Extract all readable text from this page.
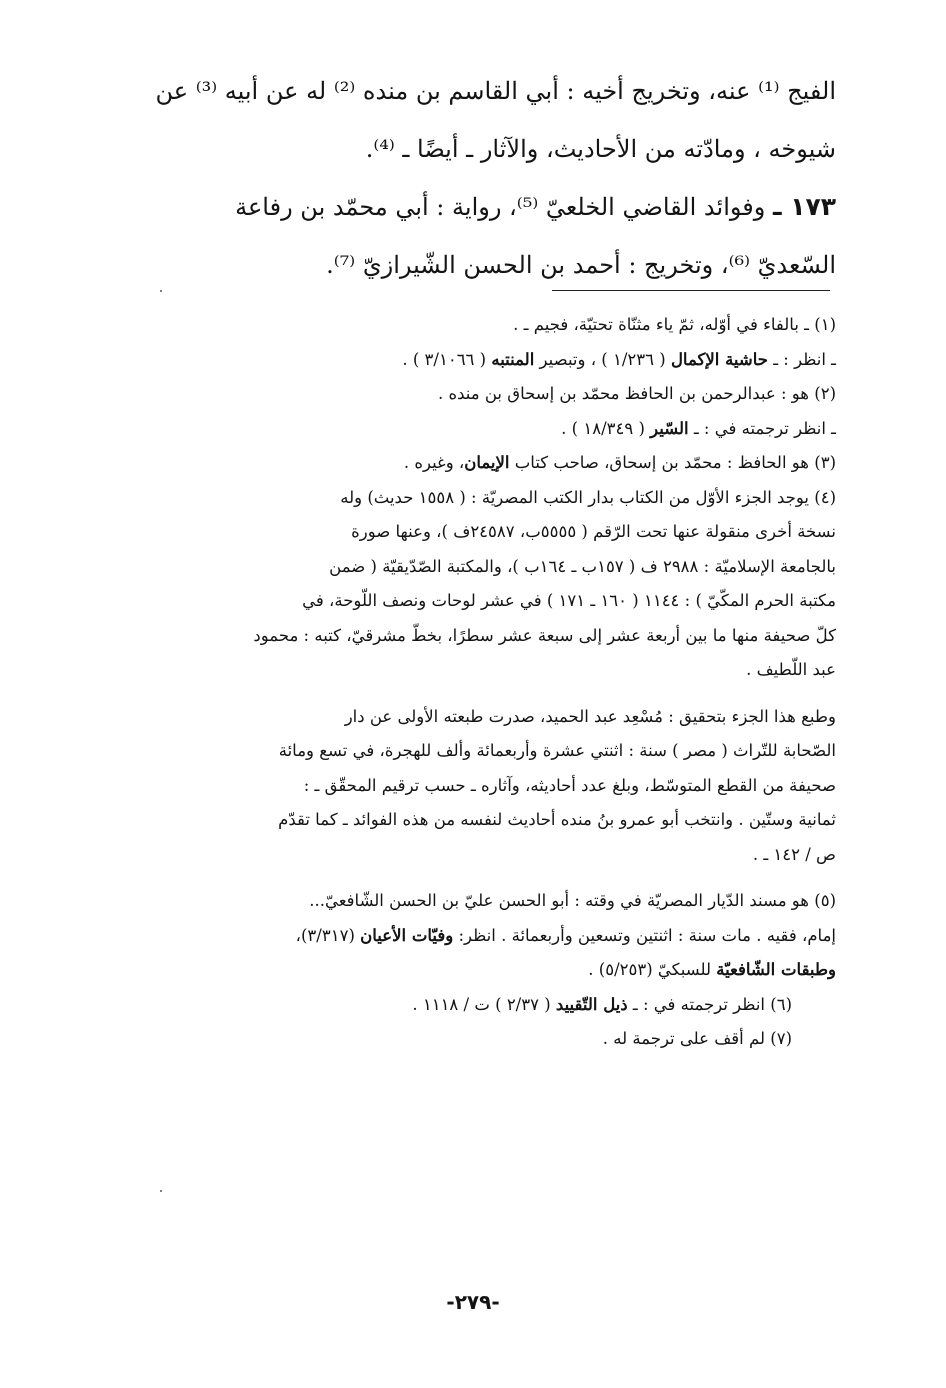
الفيج ⁽¹⁾ عنه، وتخريج أخيه : أبي القاسم بن منده ⁽²⁾ له عن أبيه ⁽³⁾ عن

شيوخه ، ومادّته من الأحاديث، والآثار ـ أيضًا ـ ⁽⁴⁾.

١٧٣ ـ وفوائد القاضي الخلعيّ ⁽⁵⁾، رواية : أبي محمّد بن رفاعة

السّعديّ ⁽⁶⁾، وتخريج : أحمد بن الحسن الشّيرازيّ ⁽⁷⁾.

(١) ـ بالفاء في أوّله، ثمّ ياء مثنّاة تحتيّة، فجيم ـ .

ـ انظر : ـ حاشية الإكمال ( ١/٢٣٦ ) ، وتبصير المنتبه ( ٣/١٠٦٦ ) .

(٢) هو : عبدالرحمن بن الحافظ محمّد بن إسحاق بن منده .

ـ انظر ترجمته في : ـ السّير ( ١٨/٣٤٩ ) .

(٣) هو الحافظ : محمّد بن إسحاق، صاحب كتاب الإيمان، وغيره .

(٤) يوجد الجزء الأوّل من الكتاب بدار الكتب المصريّة : ( ١٥٥٨ حديث) وله

نسخة أخرى منقولة عنها تحت الرّقم ( ٥٥٥٥ب، ٢٤٥٨٧ف )، وعنها صورة

بالجامعة الإسلاميّة : ٢٩٨٨ ف ( ١٥٧ب ـ ١٦٤ب )، والمكتبة الصّدّيقيّة ( ضمن

مكتبة الحرم المكّيّ ) : ١١٤٤ ( ١٦٠ ـ ١٧١ ) في عشر لوحات ونصف اللّوحة، في

كلّ صحيفة منها ما بين أربعة عشر إلى سبعة عشر سطرًا، بخطّ مشرقيّ، كتبه : محمود

عبد اللّطيف .

وطبع هذا الجزء بتحقيق : مُسْعِد عبد الحميد، صدرت طبعته الأولى عن دار

الصّحابة للتّراث ( مصر ) سنة : اثنتي عشرة وأربعمائة وألف للهجرة، في تسع ومائة

صحيفة من القطع المتوسّط، وبلغ عدد أحاديثه، وآثاره ـ حسب ترقيم المحقّق ـ :

ثمانية وستّين . وانتخب أبو عمرو بنُ منده أحاديث لنفسه من هذه الفوائد ـ كما تقدّم

ص / ١٤٢ ـ .

(٥) هو مسند الدّيار المصريّة في وقته : أبو الحسن عليّ بن الحسن الشّافعيّ...

إمام، فقيه . مات سنة : اثنتين وتسعين وأربعمائة . انظر: وفيّات الأعيان (٣/٣١٧)،

وطبقات الشّافعيّة للسبكيّ (٥/٢٥٣) .

(٦) انظر ترجمته في : ـ ذيل التّقييد ( ٢/٣٧ ) ت / ١١١٨ .

(٧) لم أقف على ترجمة له .

-٢٧٩-
